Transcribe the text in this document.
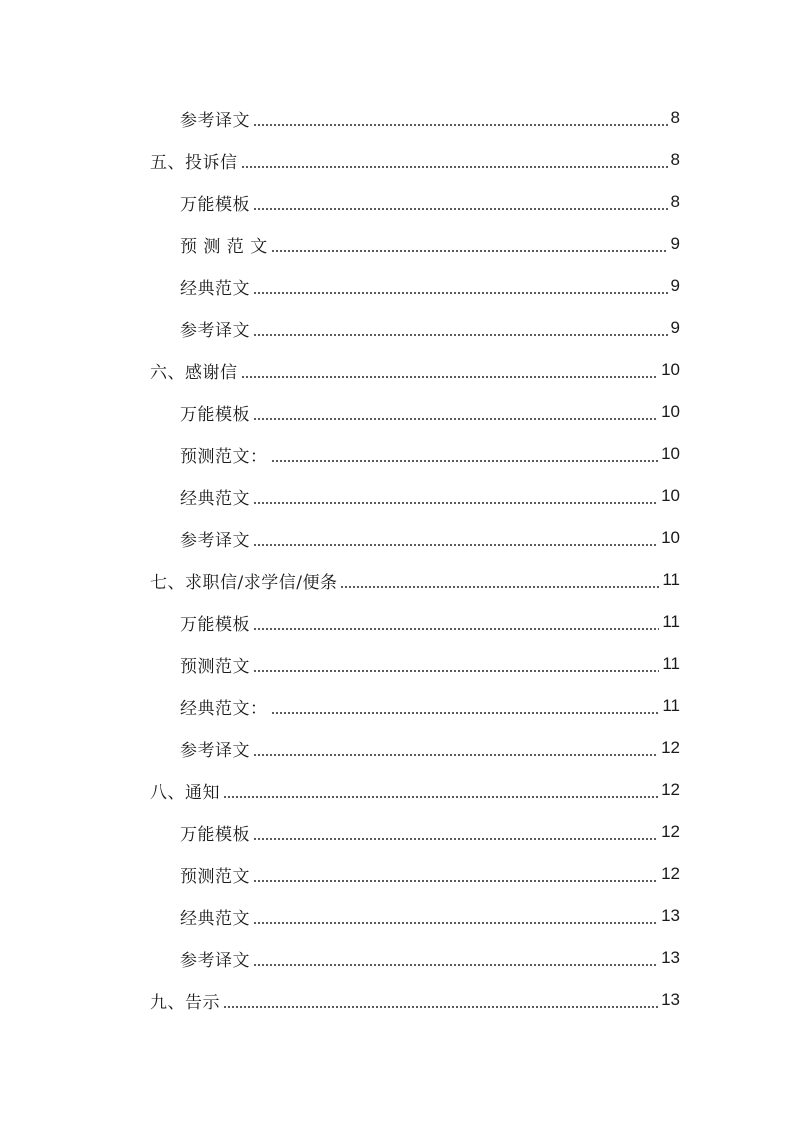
参考译文	8
五、投诉信	8
万能模板	8
预 测 范 文	9
经典范文	9
参考译文	9
六、感谢信	10
万能模板	10
预测范文：	10
经典范文	10
参考译文	10
七、求职信/求学信/便条	11
万能模板	11
预测范文	11
经典范文：	11
参考译文	12
八、通知	12
万能模板	12
预测范文	12
经典范文	13
参考译文	13
九、告示	13
